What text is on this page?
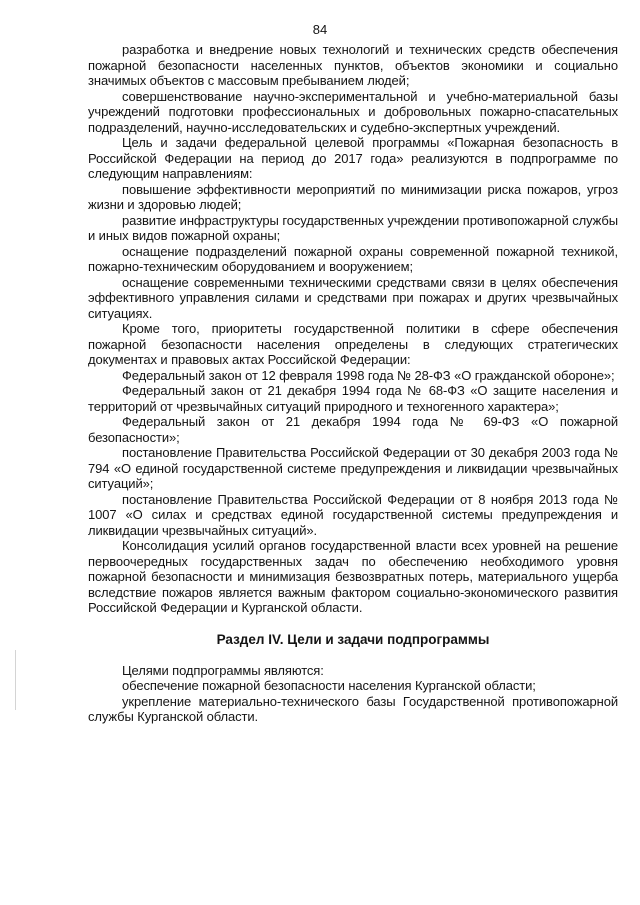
84

разработка и внедрение новых технологий и технических средств обеспечения пожарной безопасности населенных пунктов, объектов экономики и социально значимых объектов с массовым пребыванием людей;

совершенствование научно-экспериментальной и учебно-материальной базы учреждений подготовки профессиональных и добровольных пожарно-спасательных подразделений, научно-исследовательских и судебно-экспертных учреждений.

Цель и задачи федеральной целевой программы «Пожарная безопасность в Российской Федерации на период до 2017 года» реализуются в подпрограмме по следующим направлениям:

повышение эффективности мероприятий по минимизации риска пожаров, угроз жизни и здоровью людей;

развитие инфраструктуры государственных учреждении противопожарной службы и иных видов пожарной охраны;

оснащение подразделений пожарной охраны современной пожарной техникой, пожарно-техническим оборудованием и вооружением;

оснащение современными техническими средствами связи в целях обеспечения эффективного управления силами и средствами при пожарах и других чрезвычайных ситуациях.

Кроме того, приоритеты государственной политики в сфере обеспечения пожарной безопасности населения определены в следующих стратегических документах и правовых актах Российской Федерации:

Федеральный закон от 12 февраля 1998 года № 28-ФЗ «О гражданской обороне»;

Федеральный закон от 21 декабря 1994 года № 68-ФЗ «О защите населения и территорий от чрезвычайных ситуаций природного и техногенного характера»;

Федеральный закон от 21 декабря 1994 года № 69-ФЗ «О пожарной безопасности»;

постановление Правительства Российской Федерации от 30 декабря 2003 года № 794 «О единой государственной системе предупреждения и ликвидации чрезвычайных ситуаций»;

постановление Правительства Российской Федерации от 8 ноября 2013 года № 1007 «О силах и средствах единой государственной системы предупреждения и ликвидации чрезвычайных ситуаций».

Консолидация усилий органов государственной власти всех уровней на решение первоочередных государственных задач по обеспечению необходимого уровня пожарной безопасности и минимизация безвозвратных потерь, материального ущерба вследствие пожаров является важным фактором социально-экономического развития Российской Федерации и Курганской области.

Раздел IV. Цели и задачи подпрограммы

Целями подпрограммы являются:

обеспечение пожарной безопасности населения Курганской области;

укрепление материально-технического базы Государственной противопожарной службы Курганской области.
